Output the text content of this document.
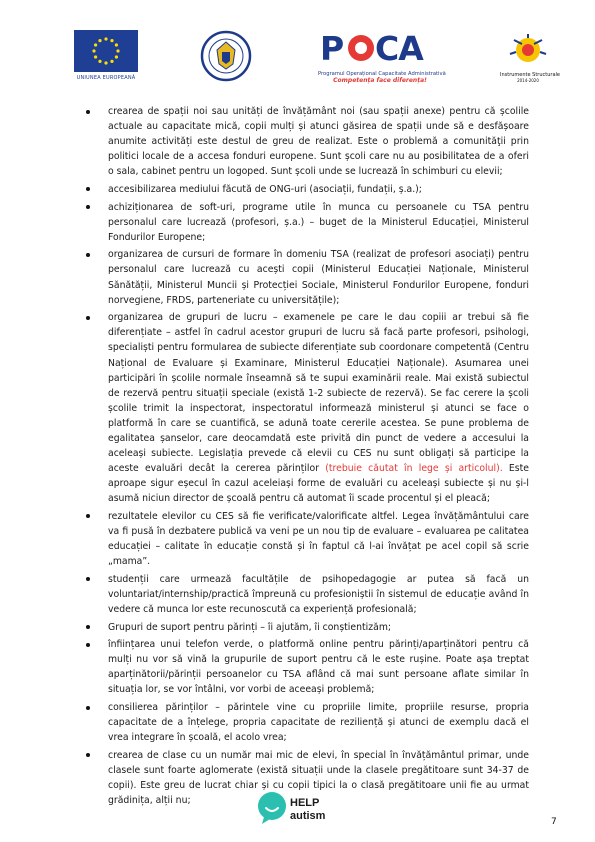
UNIUNEA EUROPEANĂ
P CA
Programul Operațional Capacitate Administrativă
Competența face diferența!
Instrumente Structurale
2014-2020
crearea de spații noi sau unități de învățământ noi (sau spații anexe) pentru că școlile actuale au capacitate mică, copii mulți și atunci găsirea de spații unde să e desfășoare anumite activități este destul de greu de realizat. Este o problemă a comunităţii prin politici locale de a accesa fonduri europene. Sunt școli care nu au posibilitatea de a oferi o sala, cabinet pentru un logoped. Sunt școli unde se lucrează în schimburi cu elevii;
accesibilizarea mediului făcută de ONG-uri (asociații, fundații, ș.a.);
achiziționarea de soft-uri, programe utile în munca cu persoanele cu TSA pentru personalul care lucrează (profesori, ș.a.) – buget de la Ministerul Educației, Ministerul Fondurilor Europene;
organizarea de cursuri de formare în domeniu TSA (realizat de profesori asociați) pentru personalul care lucrează cu acești copii (Ministerul Educației Naționale, Ministerul Sănătății, Ministerul Muncii și Protecției Sociale, Ministerul Fondurilor Europene, fonduri norvegiene, FRDS, parteneriate cu universitățile);
organizarea de grupuri de lucru – examenele pe care le dau copiii ar trebui să fie diferențiate – astfel în cadrul acestor grupuri de lucru să facă parte profesori, psihologi, specialiști pentru formularea de subiecte diferențiate sub coordonare competentă (Centru Național de Evaluare și Examinare, Ministerul Educației Naționale). Asumarea unei participări în școlile normale înseamnă să te supui examinării reale. Mai există subiectul de rezervă pentru situații speciale (există 1-2 subiecte de rezervă). Se fac cerere la școli școlile trimit la inspectorat, inspectoratul informează ministerul și atunci se face o platformă în care se cuantifică, se adună toate cererile acestea. Se pune problema de egalitatea șanselor, care deocamdată este privită din punct de vedere a accesului la aceleași subiecte. Legislația prevede că elevii cu CES nu sunt obligați să participe la aceste evaluări decât la cererea părinților (trebuie căutat în lege și articolul). Este aproape sigur eșecul în cazul aceleiași forme de evaluări cu aceleași subiecte și nu și-l asumă niciun director de școală pentru că automat îi scade procentul și el pleacă;
rezultatele elevilor cu CES să fie verificate/valorificate altfel. Legea învățământului care va fi pusă în dezbatere publică va veni pe un nou tip de evaluare – evaluarea pe calitatea educației – calitate în educație constă și în faptul că l-ai învățat pe acel copil să scrie „mama”.
studenții care urmează facultățile de psihopedagogie ar putea să facă un voluntariat/internship/practică împreună cu profesioniștii în sistemul de educație având în vedere că munca lor este recunoscută ca experiență profesională;
Grupuri de suport pentru părinți – îi ajutăm, îi conștientizăm;
înființarea unui telefon verde, o platformă online pentru părinți/aparținători pentru că mulți nu vor să vină la grupurile de suport pentru că le este rușine. Poate așa treptat aparținătorii/părinții persoanelor cu TSA aflând că mai sunt persoane aflate similar în situația lor, se vor întâlni, vor vorbi de aceeași problemă;
consilierea părinților – părintele vine cu propriile limite, propriile resurse, propria capacitate de a înțelege, propria capacitate de reziliență și atunci de exemplu dacă el vrea integrare în școală, el acolo vrea;
crearea de clase cu un număr mai mic de elevi, în special în învățământul primar, unde clasele sunt foarte aglomerate (există situații unde la clasele pregătitoare sunt 34-37 de copii). Este greu de lucrat chiar și cu copii tipici la o clasă pregătitoare unii fie au urmat grădinița, alții nu;	HELP
autism	7
